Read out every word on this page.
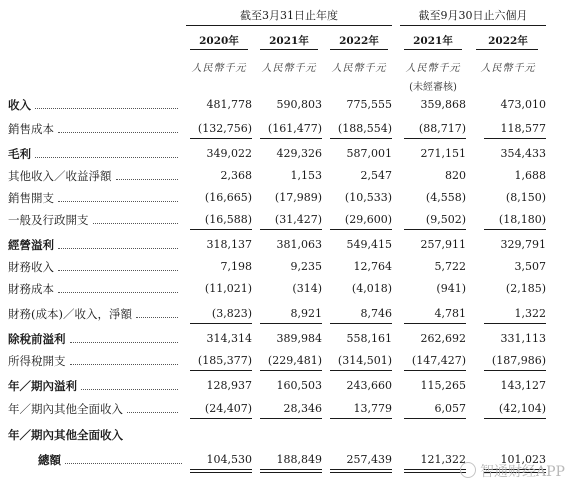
截至3月31日止年度	截至9月30日止六個月
2020年	2021年	2022年	2021年	2022年
人民幣千元	人民幣千元	人民幣千元	人民幣千元	人民幣千元
(未經審核)
收入	481,778	590,803	775,555	359,868	473,010
銷售成本	(132,756)	(161,477)	(188,554)	(88,717)	118,577
毛利	349,022	429,326	587,001	271,151	354,433
其他收入／收益淨額	2,368	1,153	2,547	820	1,688
銷售開支	(16,665)	(17,989)	(10,533)	(4,558)	(8,150)
一般及行政開支	(16,588)	(31,427)	(29,600)	(9,502)	(18,180)
經營溢利	318,137	381,063	549,415	257,911	329,791
財務收入	7,198	9,235	12,764	5,722	3,507
財務成本	(11,021)	(314)	(4,018)	(941)	(2,185)
財務(成本)／收入，淨額	(3,823)	8,921	8,746	4,781	1,322
除稅前溢利	314,314	389,984	558,161	262,692	331,113
所得稅開支	(185,377)	(229,481)	(314,501)	(147,427)	(187,986)
年／期內溢利	128,937	160,503	243,660	115,265	143,127
年／期內其他全面收入	(24,407)	28,346	13,779	6,057	(42,104)
年／期內其他全面收入
總額	104,530	188,849	257,439	121,322	101,023
智通财经APP
